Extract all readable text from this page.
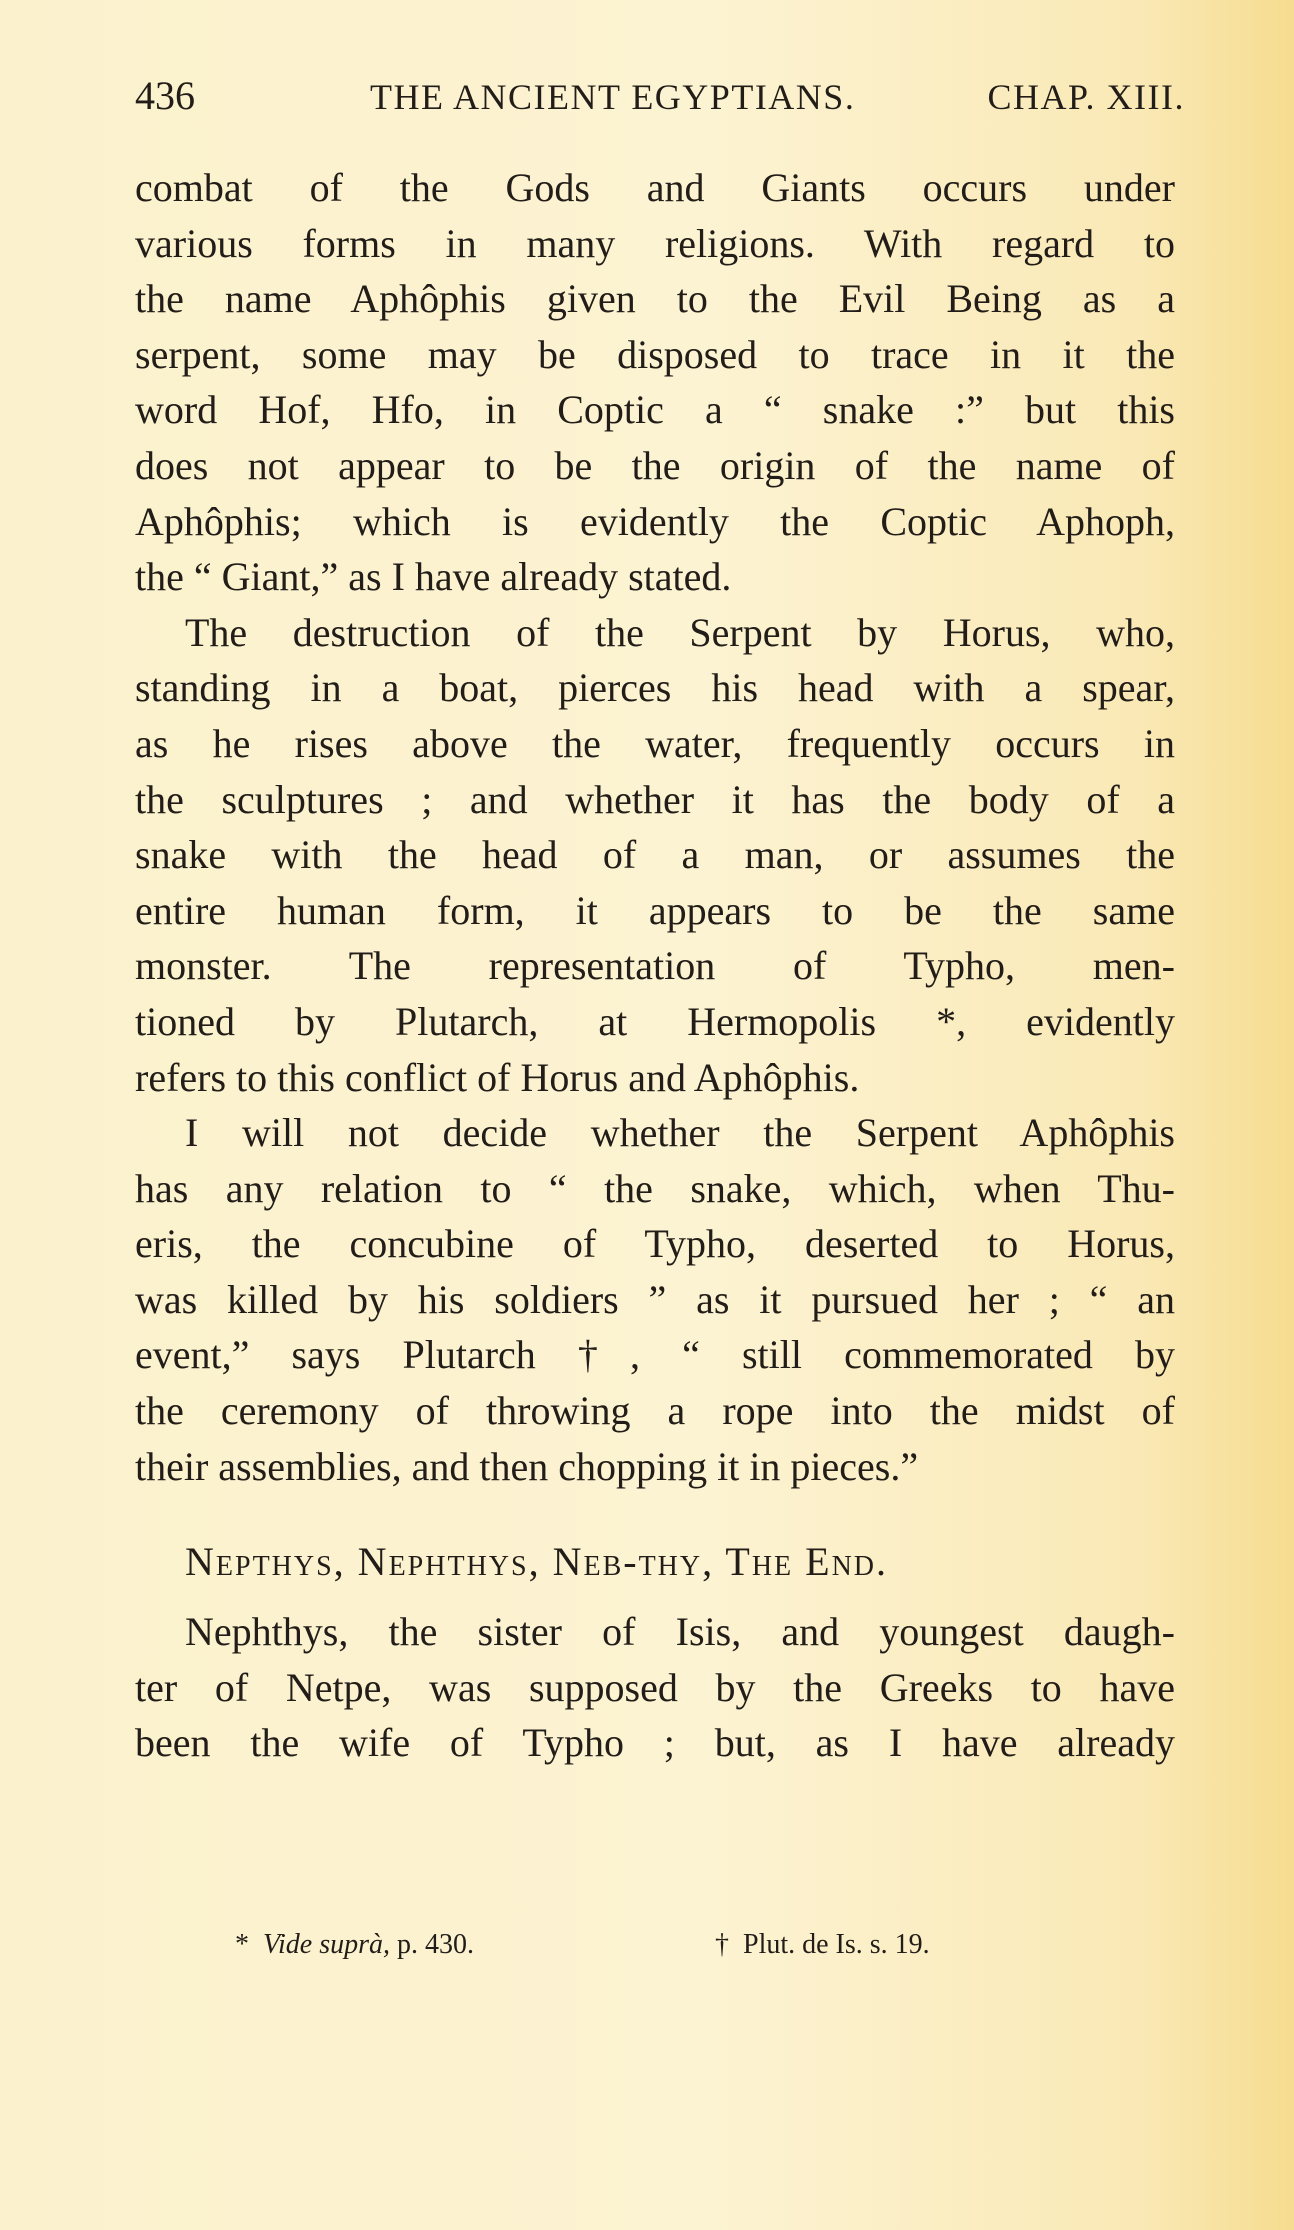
436	THE ANCIENT EGYPTIANS.	CHAP. XIII.
combat of the Gods and Giants occurs under
various forms in many religions. With regard to
the name Aphôphis given to the Evil Being as a
serpent, some may be disposed to trace in it the
word Hof, Hfo, in Coptic a “ snake :” but this
does not appear to be the origin of the name of
Aphôphis; which is evidently the Coptic Aphoph,
the “ Giant,” as I have already stated.
The destruction of the Serpent by Horus, who,
standing in a boat, pierces his head with a spear,
as he rises above the water, frequently occurs in
the sculptures ; and whether it has the body of a
snake with the head of a man, or assumes the
entire human form, it appears to be the same
monster. The representation of Typho, men-
tioned by Plutarch, at Hermopolis *, evidently
refers to this conflict of Horus and Aphôphis.
I will not decide whether the Serpent Aphôphis
has any relation to “ the snake, which, when Thu-
eris, the concubine of Typho, deserted to Horus,
was killed by his soldiers ” as it pursued her ; “ an
event,” says Plutarch †, “ still commemorated by
the ceremony of throwing a rope into the midst of
their assemblies, and then chopping it in pieces.”
Nepthys, Nephthys, Neb-thy, The End.
Nephthys, the sister of Isis, and youngest daugh-
ter of Netpe, was supposed by the Greeks to have
been the wife of Typho ; but, as I have already
* Vide suprà, p. 430.	† Plut. de Is. s. 19.
